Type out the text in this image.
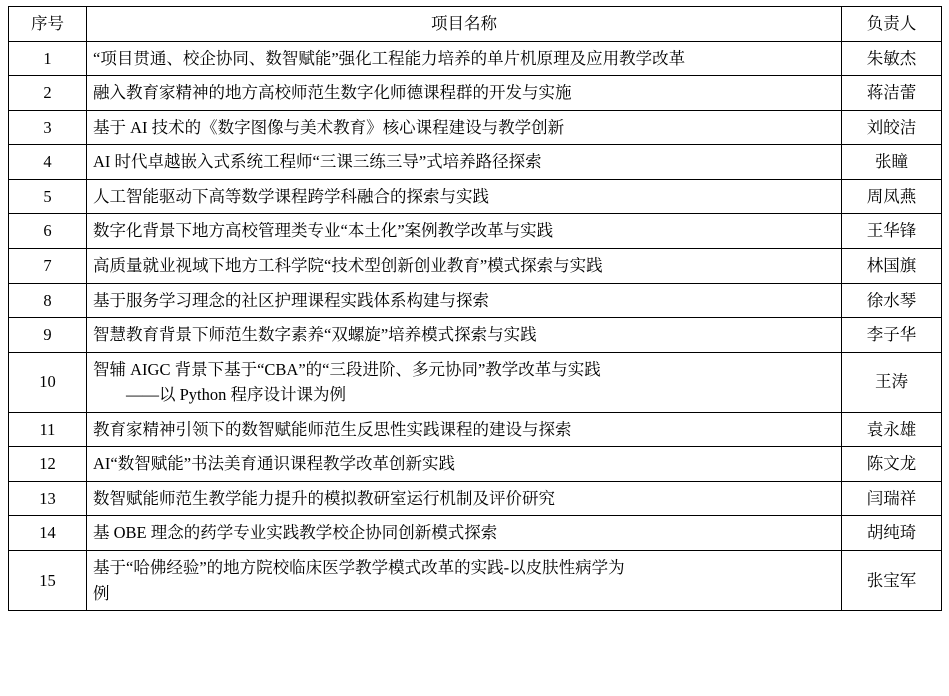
序号	项目名称	负责人
1	“项目贯通、校企协同、数智赋能”强化工程能力培养的单片机原理及应用教学改革	朱敏杰
2	融入教育家精神的地方高校师范生数字化师德课程群的开发与实施	蒋洁蕾
3	基于 AI 技术的《数字图像与美术教育》核心课程建设与教学创新	刘皎洁
4	AI 时代卓越嵌入式系统工程师“三课三练三导”式培养路径探索	张瞳
5	人工智能驱动下高等数学课程跨学科融合的探索与实践	周凤燕
6	数字化背景下地方高校管理类专业“本土化”案例教学改革与实践	王华锋
7	高质量就业视域下地方工科学院“技术型创新创业教育”模式探索与实践	林国旗
8	基于服务学习理念的社区护理课程实践体系构建与探索	徐水琴
9	智慧教育背景下师范生数字素养“双螺旋”培养模式探索与实践	李子华
10	智辅 AIGC 背景下基于“CBA”的“三段进阶、多元协同”教学改革与实践
——以 Python 程序设计课为例	王涛
11	教育家精神引领下的数智赋能师范生反思性实践课程的建设与探索	袁永雄
12	AI“数智赋能”书法美育通识课程教学改革创新实践	陈文龙
13	数智赋能师范生教学能力提升的模拟教研室运行机制及评价研究	闫瑞祥
14	基 OBE 理念的药学专业实践教学校企协同创新模式探索	胡纯琦
15	基于“哈佛经验”的地方院校临床医学教学模式改革的实践-以皮肤性病学为
例	张宝军
